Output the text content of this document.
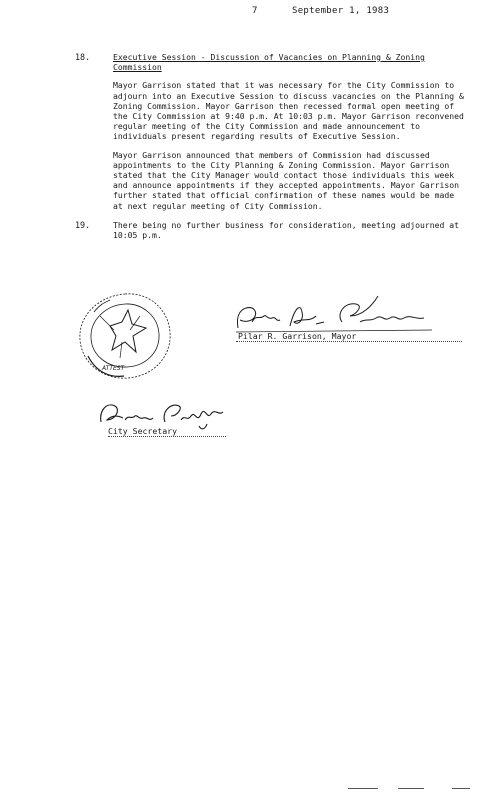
7	September 1, 1983
18.	Executive Session - Discussion of Vacancies on Planning & Zoning Commission
Mayor Garrison stated that it was necessary for the City Commission to adjourn into an Executive Session to discuss vacancies on the Planning & Zoning Commission. Mayor Garrison then recessed formal open meeting of the City Commission at 9:40 p.m. At 10:03 p.m. Mayor Garrison reconvened regular meeting of the City Commission and made announcement to individuals present regarding results of Executive Session.
Mayor Garrison announced that members of Commission had discussed appointments to the City Planning & Zoning Commission. Mayor Garrison stated that the City Manager would contact those individuals this week and announce appointments if they accepted appointments. Mayor Garrison further stated that official confirmation of these names would be made at next regular meeting of City Commission.
19.	There being no further business for consideration, meeting adjourned at 10:05 p.m.
ATTEST
Pilar R. Garrison, Mayor
City Secretary
